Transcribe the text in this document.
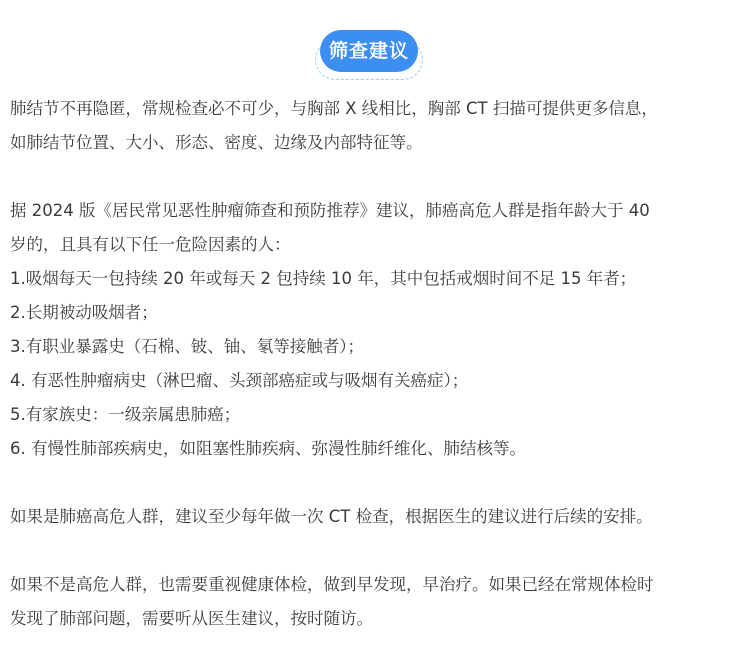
筛查建议

肺结节不再隐匿，常规检查必不可少，与胸部 X 线相比，胸部 CT 扫描可提供更多信息，

如肺结节位置、大小、形态、密度、边缘及内部特征等。

据 2024 版《居民常见恶性肿瘤筛查和预防推荐》建议，肺癌高危人群是指年龄大于 40

岁的，且具有以下任一危险因素的人：

1.吸烟每天一包持续 20 年或每天 2 包持续 10 年，其中包括戒烟时间不足 15 年者；

2.长期被动吸烟者；

3.有职业暴露史（石棉、铍、铀、氡等接触者）；

4. 有恶性肿瘤病史（淋巴瘤、头颈部癌症或与吸烟有关癌症）；

5.有家族史：一级亲属患肺癌；

6. 有慢性肺部疾病史，如阻塞性肺疾病、弥漫性肺纤维化、肺结核等。

如果是肺癌高危人群，建议至少每年做一次 CT 检查，根据医生的建议进行后续的安排。

如果不是高危人群，也需要重视健康体检，做到早发现，早治疗。如果已经在常规体检时

发现了肺部问题，需要听从医生建议，按时随访。
